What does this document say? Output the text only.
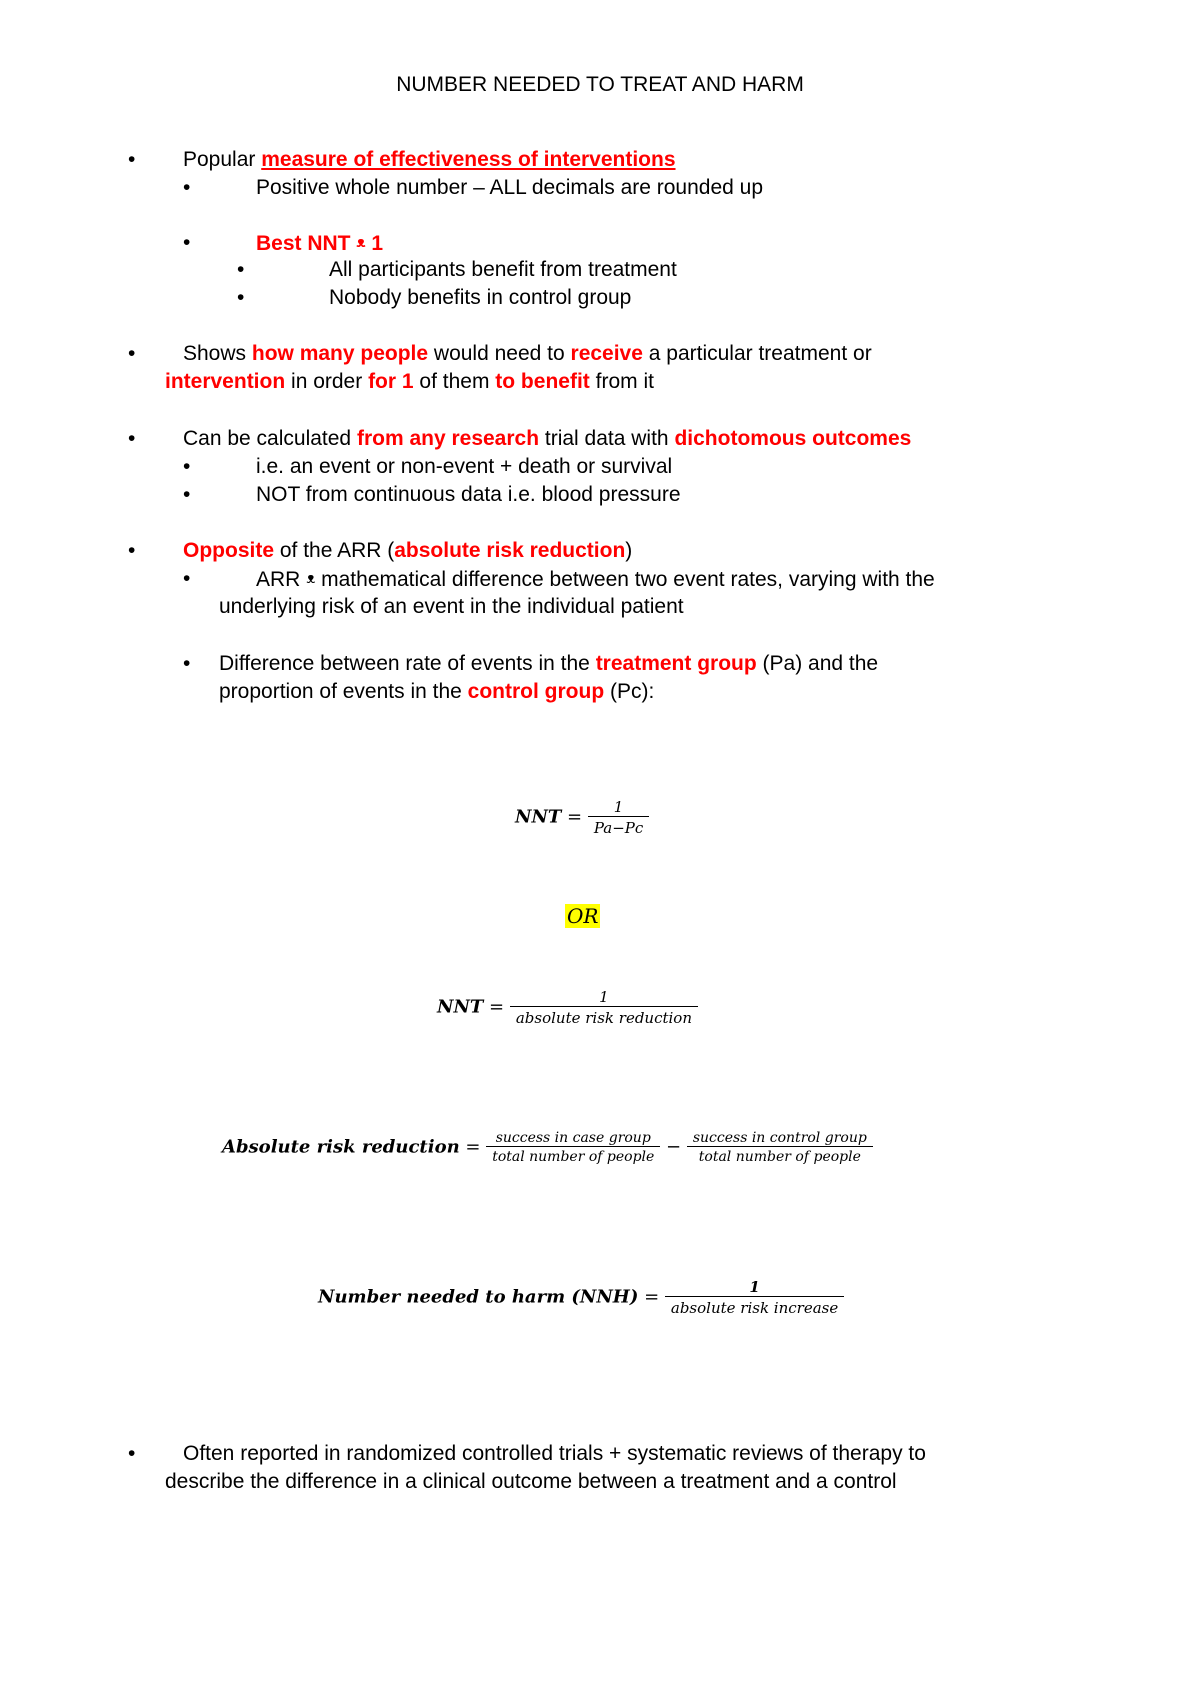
NUMBER NEEDED TO TREAT AND HARM
• Popular measure of effectiveness of interventions
•	Positive whole number – ALL decimals are rounded up
•	Best NNT ᴥ 1
•	All participants benefit from treatment
•	Nobody benefits in control group
• Shows how many people would need to receive a particular treatment or
intervention in order for 1 of them to benefit from it
• Can be calculated from any research trial data with dichotomous outcomes
•	i.e. an event or non-event + death or survival
•	NOT from continuous data i.e. blood pressure
• Opposite of the ARR (absolute risk reduction)
•	ARR ᴥ mathematical difference between two event rates, varying with the
underlying risk of an event in the individual patient
• Difference between rate of events in the treatment group (Pa) and the
proportion of events in the control group (Pc):
NNT = $\frac{1}{Pa-Pc}$
OR
NNT = $\frac{1}{\text{absolute risk reduction}}$
Absolute risk reduction = $\frac{\text{success in case group}}{\text{total number of people}} - \frac{\text{success in control group}}{\text{total number of people}}$
Number needed to harm $(NNH) = \frac{1}{\text{absolute risk increase}}$
• Often reported in randomized controlled trials + systematic reviews of therapy to
describe the difference in a clinical outcome between a treatment and a control
